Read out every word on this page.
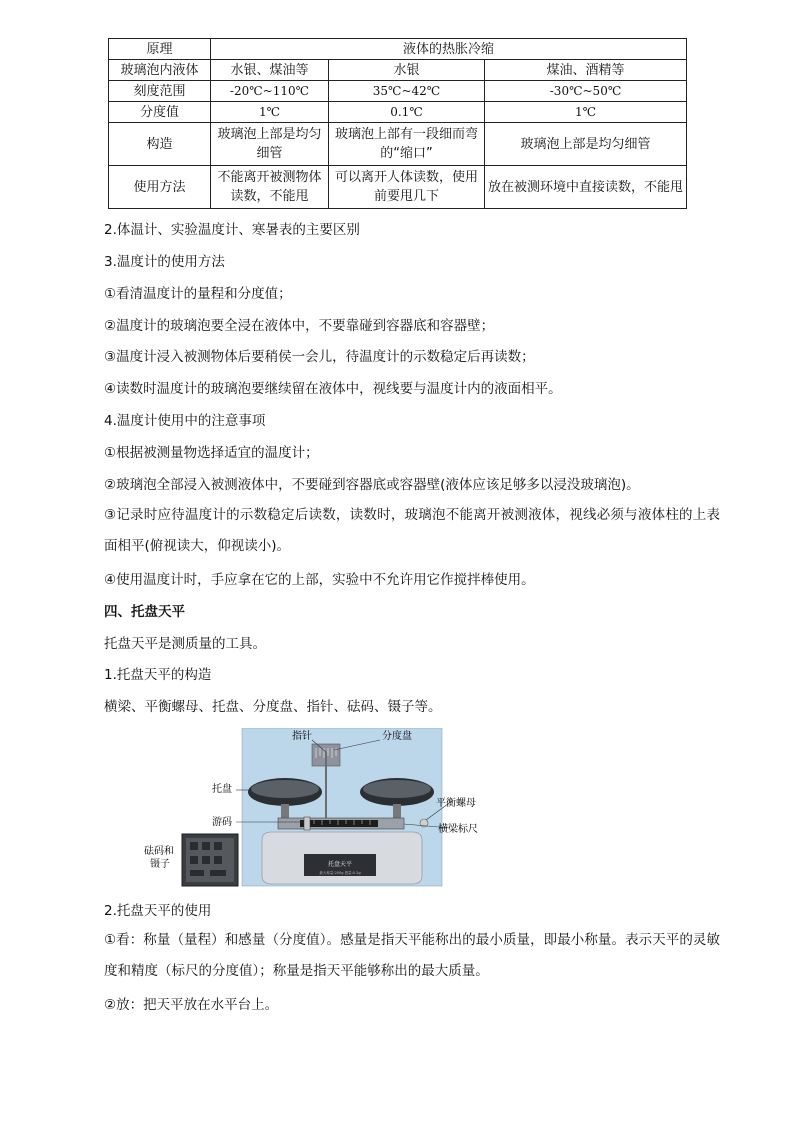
原理	液体的热胀冷缩		
玻璃泡内液体	水银、煤油等	水银	煤油、酒精等
刻度范围	-20℃~110℃	35℃~42℃	-30℃~50℃
分度值	1℃	0.1℃	1℃
构造	玻璃泡上部是均匀细管	玻璃泡上部有一段细而弯的“缩口”	玻璃泡上部是均匀细管
使用方法	不能离开被测物体读数，不能甩	可以离开人体读数，使用前要甩几下	放在被测环境中直接读数，不能甩
2.体温计、实验温度计、寒暑表的主要区别
3.温度计的使用方法
①看清温度计的量程和分度值；
②温度计的玻璃泡要全浸在液体中，不要靠碰到容器底和容器壁；
③温度计浸入被测物体后要稍侯一会儿，待温度计的示数稳定后再读数；
④读数时温度计的玻璃泡要继续留在液体中，视线要与温度计内的液面相平。
4.温度计使用中的注意事项
①根据被测量物选择适宜的温度计；
②玻璃泡全部浸入被测液体中，不要碰到容器底或容器壁(液体应该足够多以浸没玻璃泡)。
③记录时应待温度计的示数稳定后读数，读数时，玻璃泡不能离开被测液体，视线必须与液体柱的上表面相平(俯视读大，仰视读小)。
④使用温度计时，手应拿在它的上部，实验中不允许用它作搅拌棒使用。
四、托盘天平
托盘天平是测质量的工具。
1.托盘天平的构造
横梁、平衡螺母、托盘、分度盘、指针、砝码、镊子等。
托盘天平
最大称量:200g 感量:0.2g
指针	分度盘
托盘
平衡螺母
游码
横梁标尺
砝码和
镊子
2.托盘天平的使用
①看：称量（量程）和感量（分度值）。感量是指天平能称出的最小质量，即最小称量。表示天平的灵敏度和精度（标尺的分度值）；称量是指天平能够称出的最大质量。
②放：把天平放在水平台上。
